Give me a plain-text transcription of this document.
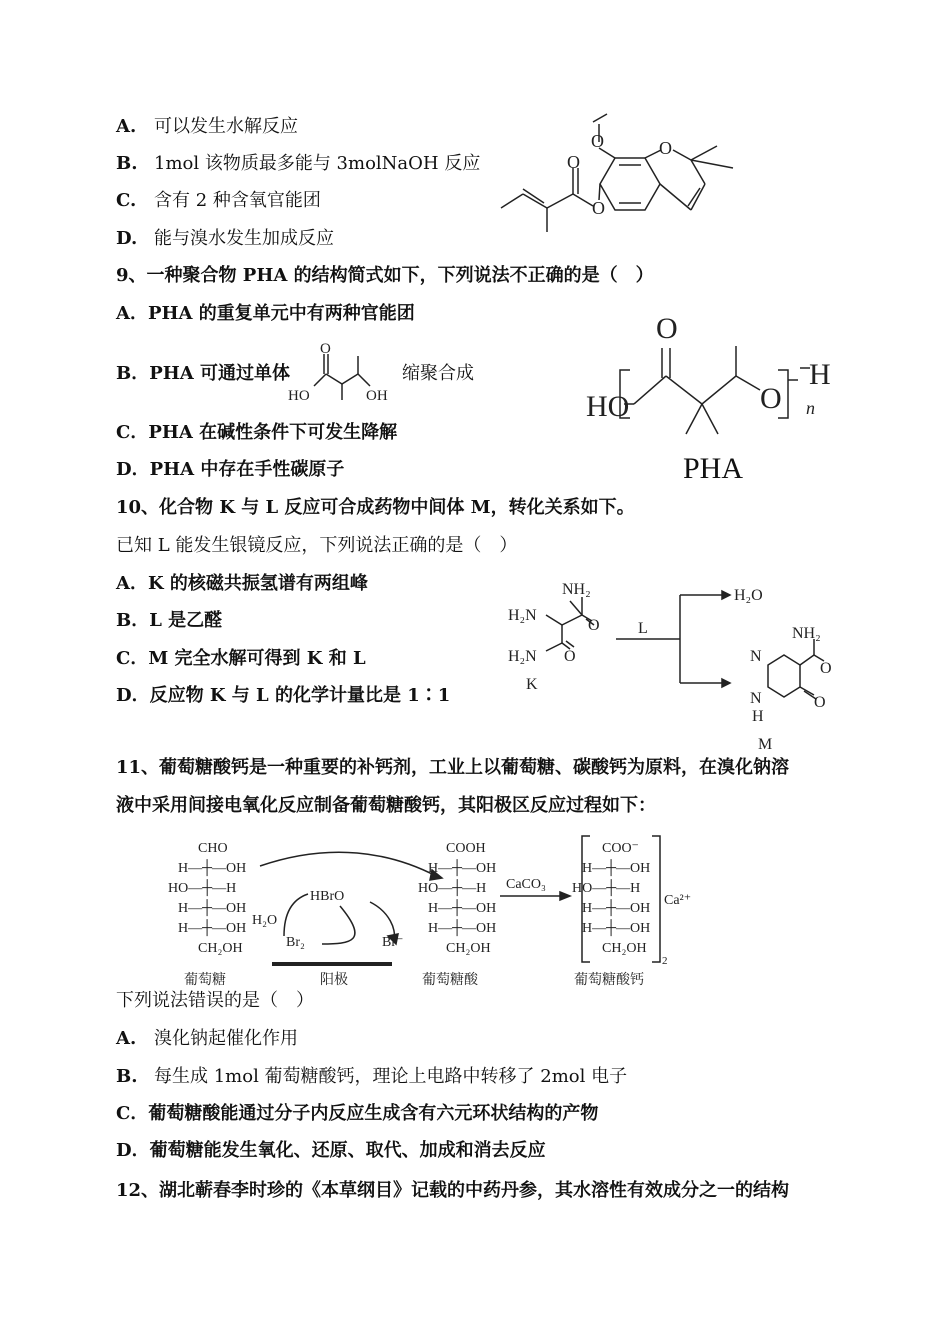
A. 可以发生水解反应
B. 1mol 该物质最多能与 3molNaOH 反应
C. 含有 2 种含氧官能团
D. 能与溴水发生加成反应
O	O
O
O
9、一种聚合物 PHA 的结构简式如下，下列说法不正确的是（　）
A．PHA 的重复单元中有两种官能团
B．PHA 可通过单体
O
HO	OH
缩聚合成
C．PHA 在碱性条件下可发生降解
D．PHA 中存在手性碳原子
O
HO	O
H
n
PHA
10、化合物 K 与 L 反应可合成药物中间体 M，转化关系如下。
已知 L 能发生银镜反应，下列说法正确的是（　）
A．K 的核磁共振氢谱有两组峰
B．L 是乙醛
C．M 完全水解可得到 K 和 L
D．反应物 K 与 L 的化学计量比是 1∶1
NH₂
H₂N
O
H₂N O
K
L
H₂O
NH₂
N
O
O
N
H
M
11、葡萄糖酸钙是一种重要的补钙剂，工业上以葡萄糖、碳酸钙为原料，在溴化钠溶
液中采用间接电氧化反应制备葡萄糖酸钙，其阳极区反应过程如下：
CHO
H—┼—OH
HO—┼—H
H—┼—OH
H—┼—OH
CH₂OH
葡萄糖
HBrO
H₂O
Br₂	Br⁻
阳极
COOH
H—┼—OH
HO—┼—H
H—┼—OH
H—┼—OH
CH₂OH
葡萄糖酸
CaCO₃
COO⁻
H—┼—OH
HO—┼—H
H—┼—OH
H—┼—OH
CH₂OH
2
Ca²⁺
葡萄糖酸钙
下列说法错误的是（　）
A. 溴化钠起催化作用
B. 每生成 1mol 葡萄糖酸钙，理论上电路中转移了 2mol 电子
C．葡萄糖酸能通过分子内反应生成含有六元环状结构的产物
D．葡萄糖能发生氧化、还原、取代、加成和消去反应
12、湖北蕲春李时珍的《本草纲目》记载的中药丹参，其水溶性有效成分之一的结构
